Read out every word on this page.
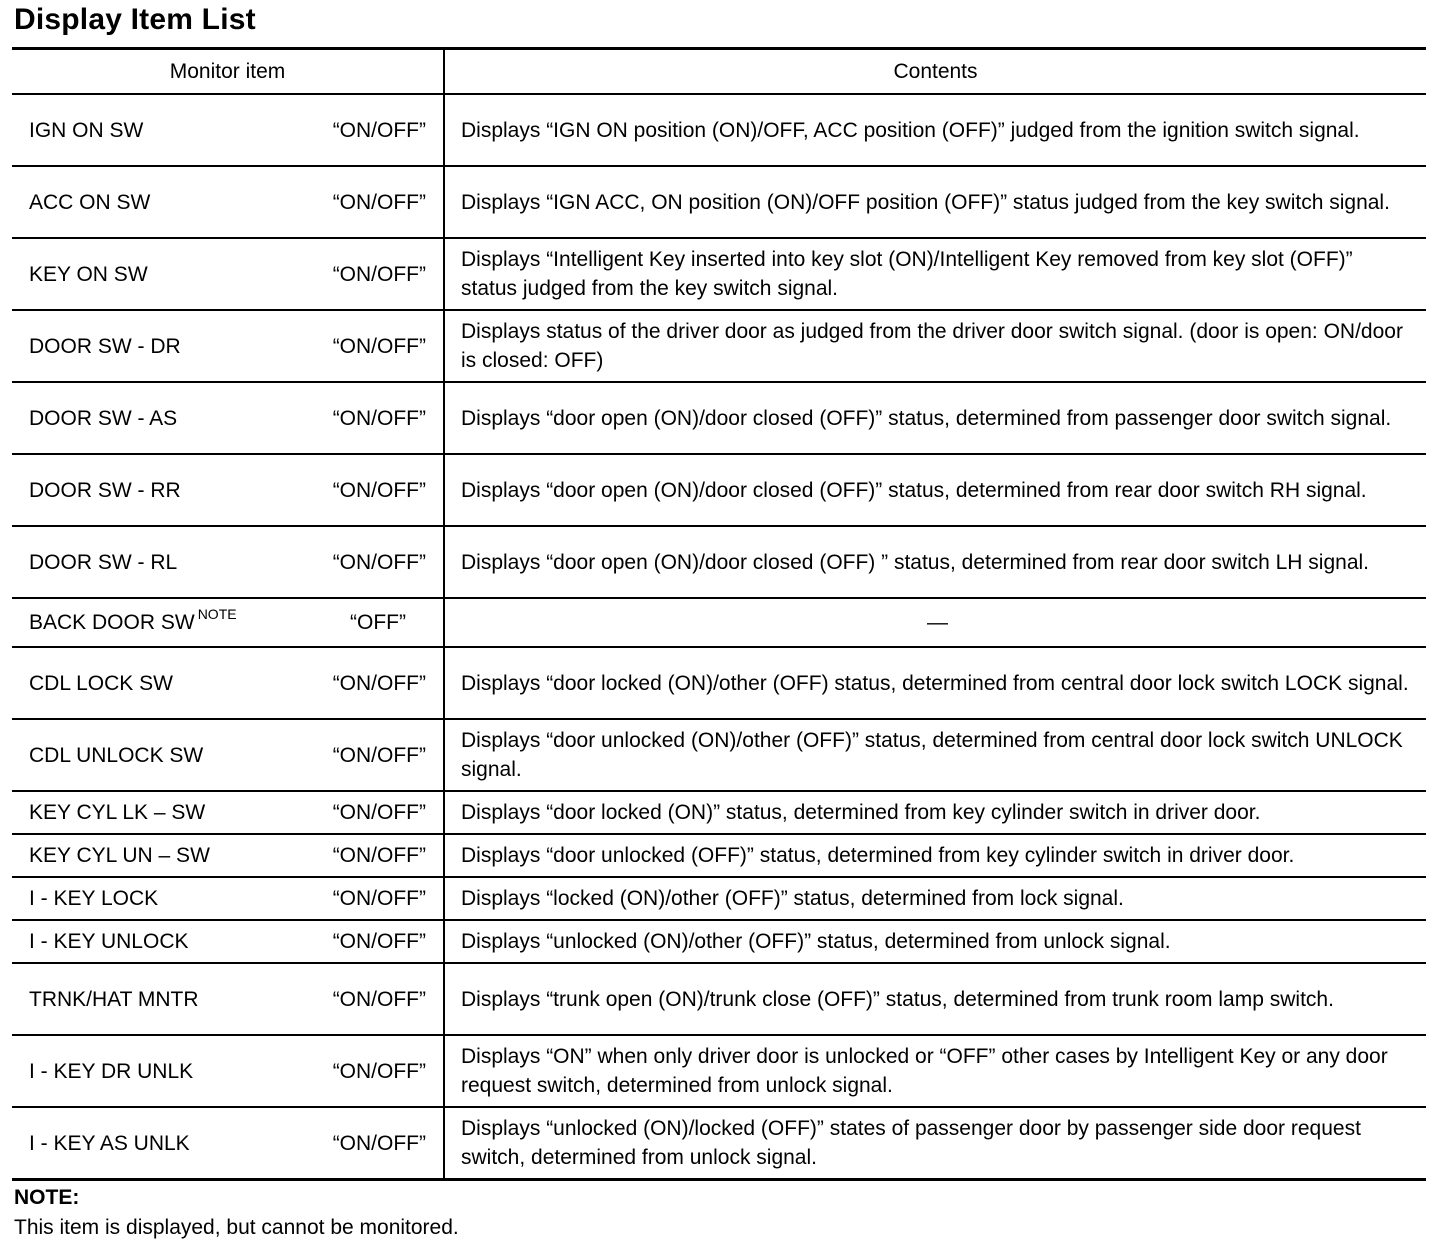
Display Item List
Monitor item	Contents

IGN ON SW “ON/OFF”	Displays “IGN ON position (ON)/OFF, ACC position (OFF)” judged from the ignition switch signal.

ACC ON SW “ON/OFF”	Displays “IGN ACC, ON position (ON)/OFF position (OFF)” status judged from the key switch signal.

KEY ON SW “ON/OFF”	Displays “Intelligent Key inserted into key slot (ON)/Intelligent Key removed from key slot (OFF)” status judged from the key switch signal.

DOOR SW - DR “ON/OFF”	Displays status of the driver door as judged from the driver door switch signal. (door is open: ON/door is closed: OFF)

DOOR SW - AS “ON/OFF”	Displays “door open (ON)/door closed (OFF)” status, determined from passenger door switch signal.

DOOR SW - RR “ON/OFF”	Displays “door open (ON)/door closed (OFF)” status, determined from rear door switch RH signal.

DOOR SW - RL “ON/OFF”	Displays “door open (ON)/door closed (OFF) ” status, determined from rear door switch LH signal.

BACK DOOR SW $^{NOTE}$ “OFF”	—

CDL LOCK SW “ON/OFF”	Displays “door locked (ON)/other (OFF) status, determined from central door lock switch LOCK signal.

CDL UNLOCK SW “ON/OFF”	Displays “door unlocked (ON)/other (OFF)” status, determined from central door lock switch UNLOCK signal.

KEY CYL LK – SW “ON/OFF”	Displays “door locked (ON)” status, determined from key cylinder switch in driver door.

KEY CYL UN – SW “ON/OFF”	Displays “door unlocked (OFF)” status, determined from key cylinder switch in driver door.

I - KEY LOCK “ON/OFF”	Displays “locked (ON)/other (OFF)” status, determined from lock signal.

I - KEY UNLOCK “ON/OFF”	Displays “unlocked (ON)/other (OFF)” status, determined from unlock signal.

TRNK/HAT MNTR “ON/OFF”	Displays “trunk open (ON)/trunk close (OFF)” status, determined from trunk room lamp switch.

I - KEY DR UNLK “ON/OFF”	Displays “ON” when only driver door is unlocked or “OFF” other cases by Intelligent Key or any door request switch, determined from unlock signal.

I - KEY AS UNLK “ON/OFF”	Displays “unlocked (ON)/locked (OFF)” states of passenger door by passenger side door request switch, determined from unlock signal.
NOTE:
This item is displayed, but cannot be monitored.
